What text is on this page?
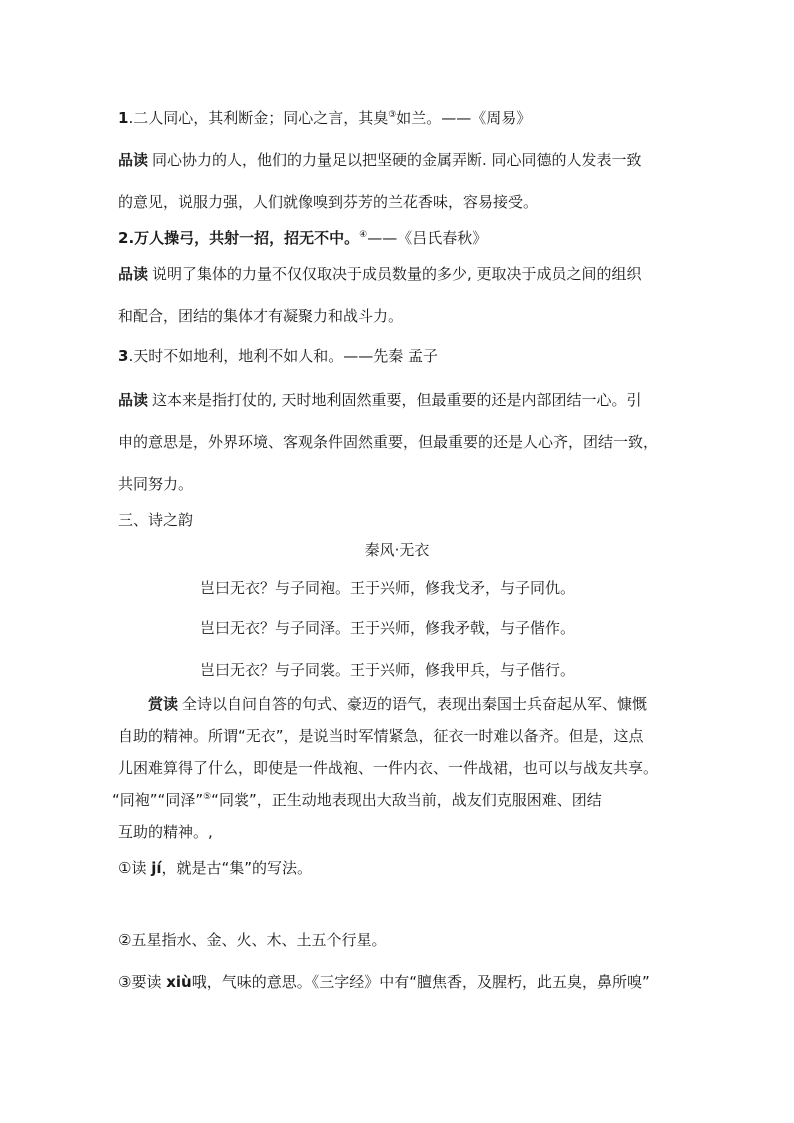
1.二人同心，其利断金；同心之言，其臭③如兰。——《周易》
品读 同心协力的人，他们的力量足以把坚硬的金属弄断. 同心同德的人发表一致
的意见，说服力强，人们就像嗅到芬芳的兰花香味，容易接受。
2.万人操弓，共射一招，招无不中。④——《吕氏春秋》
品读 说明了集体的力量不仅仅取决于成员数量的多少, 更取决于成员之间的组织
和配合，团结的集体才有凝聚力和战斗力。
3.天时不如地利，地利不如人和。——先秦 孟子
品读 这本来是指打仗的, 天时地利固然重要，但最重要的还是内部团结一心。引
申的意思是，外界环境、客观条件固然重要，但最重要的还是人心齐，团结一致，
共同努力。
三、诗之韵
秦风·无衣
岂曰无衣？与子同袍。王于兴师，修我戈矛，与子同仇。
岂曰无衣？与子同泽。王于兴师，修我矛戟，与子偕作。
岂曰无衣？与子同裳。王于兴师，修我甲兵，与子偕行。
赏读 全诗以自问自答的句式、豪迈的语气，表现出秦国士兵奋起从军、慷慨
自助的精神。所谓“无衣”，是说当时军情紧急，征衣一时难以备齐。但是，这点
儿困难算得了什么，即使是一件战袍、一件内衣、一件战裙，也可以与战友共享。
“同袍”“同泽”⑤“同裳”，正生动地表现出大敌当前，战友们克服困难、团结
互助的精神。,
①读 jí，就是古“集”的写法。
②五星指水、金、火、木、土五个行星。
③要读 xiù哦，气味的意思。《三字经》中有“膻焦香，及腥朽，此五臭，鼻所嗅”
